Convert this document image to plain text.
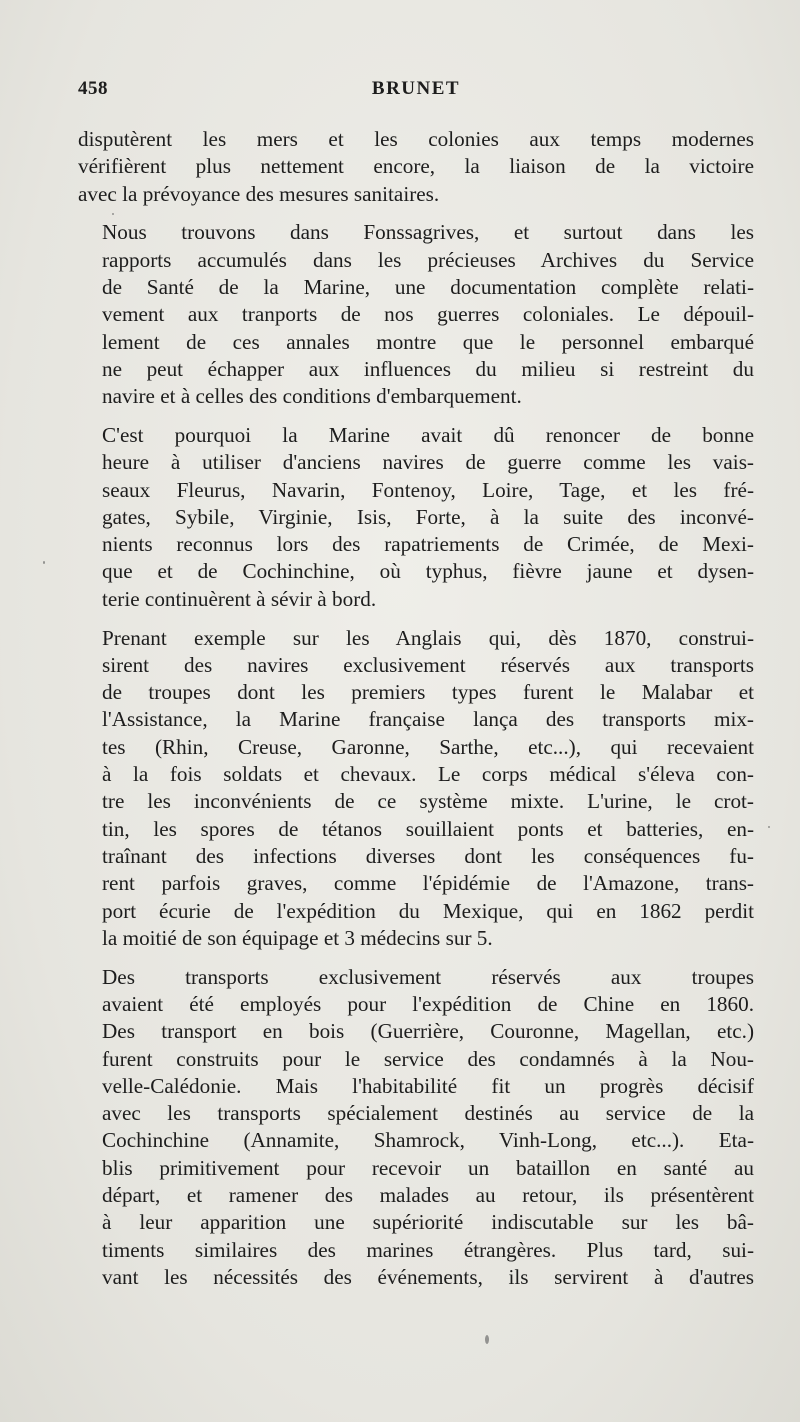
458	BRUNET

disputèrent les mers et les colonies aux temps modernes
vérifièrent plus nettement encore, la liaison de la victoire
avec la prévoyance des mesures sanitaires.

Nous trouvons dans Fonssagrives, et surtout dans les
rapports accumulés dans les précieuses Archives du Service
de Santé de la Marine, une documentation complète relati-
vement aux tranports de nos guerres coloniales. Le dépouil-
lement de ces annales montre que le personnel embarqué
ne peut échapper aux influences du milieu si restreint du
navire et à celles des conditions d'embarquement.

C'est pourquoi la Marine avait dû renoncer de bonne
heure à utiliser d'anciens navires de guerre comme les vais-
seaux Fleurus, Navarin, Fontenoy, Loire, Tage, et les fré-
gates, Sybile, Virginie, Isis, Forte, à la suite des inconvé-
nients reconnus lors des rapatriements de Crimée, de Mexi-
que et de Cochinchine, où typhus, fièvre jaune et dysen-
terie continuèrent à sévir à bord.

Prenant exemple sur les Anglais qui, dès 1870, construi-
sirent des navires exclusivement réservés aux transports
de troupes dont les premiers types furent le Malabar et
l'Assistance, la Marine française lança des transports mix-
tes (Rhin, Creuse, Garonne, Sarthe, etc...), qui recevaient
à la fois soldats et chevaux. Le corps médical s'éleva con-
tre les inconvénients de ce système mixte. L'urine, le crot-
tin, les spores de tétanos souillaient ponts et batteries, en-
traînant des infections diverses dont les conséquences fu-
rent parfois graves, comme l'épidémie de l'Amazone, trans-
port écurie de l'expédition du Mexique, qui en 1862 perdit
la moitié de son équipage et 3 médecins sur 5.

Des transports exclusivement réservés aux troupes
avaient été employés pour l'expédition de Chine en 1860.
Des transport en bois (Guerrière, Couronne, Magellan, etc.)
furent construits pour le service des condamnés à la Nou-
velle-Calédonie. Mais l'habitabilité fit un progrès décisif
avec les transports spécialement destinés au service de la
Cochinchine (Annamite, Shamrock, Vinh-Long, etc...). Eta-
blis primitivement pour recevoir un bataillon en santé au
départ, et ramener des malades au retour, ils présentèrent
à leur apparition une supériorité indiscutable sur les bâ-
timents similaires des marines étrangères. Plus tard, sui-
vant les nécessités des événements, ils servirent à d'autres
